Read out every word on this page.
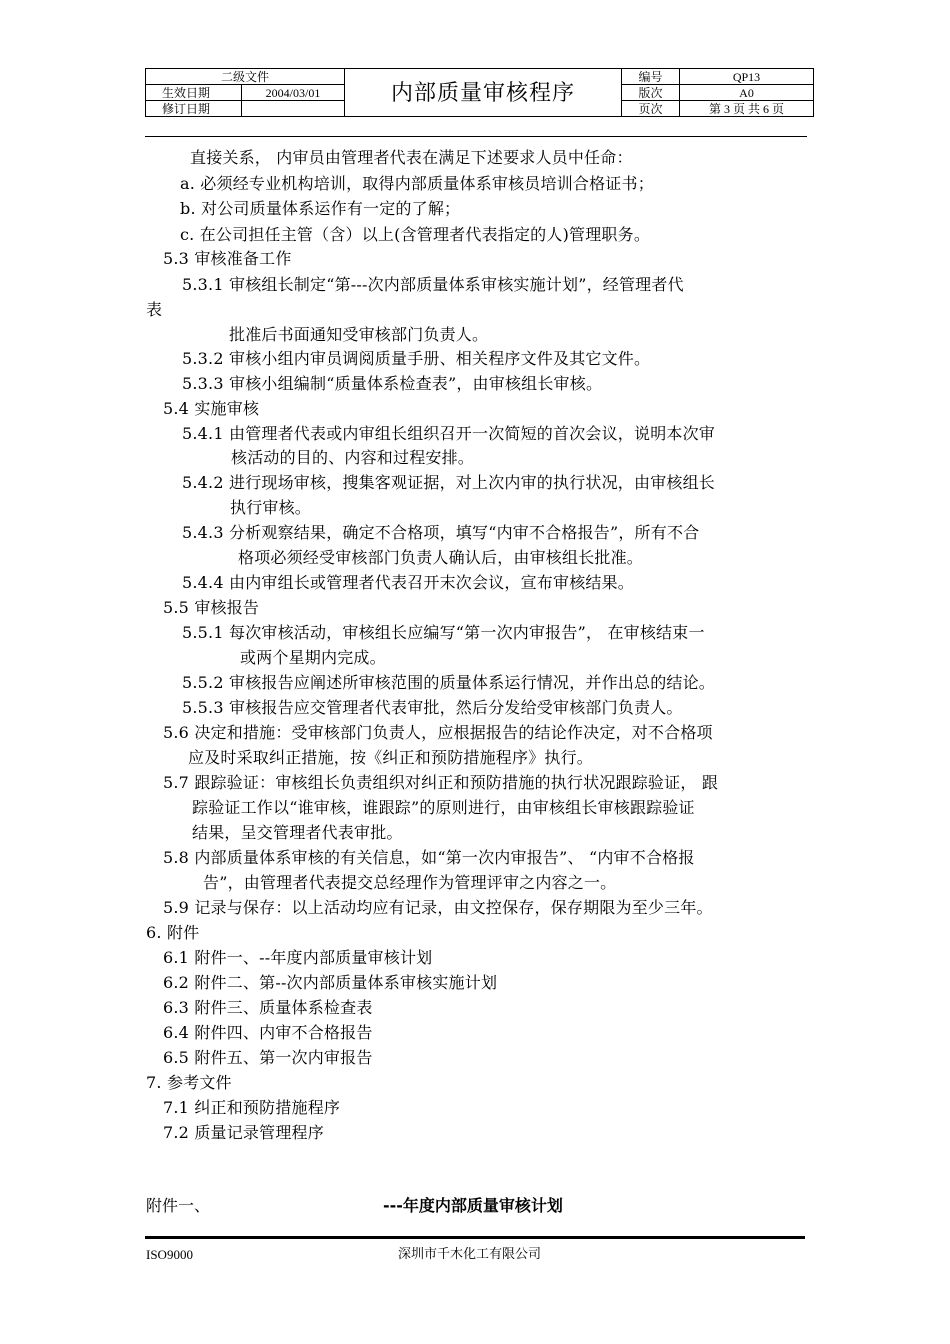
二级文件		内部质量审核程序	编号	QP13
生效日期	2004/03/01		版次	A0
修订日期			页次	第 3 页 共 6 页
直接关系， 内审员由管理者代表在满足下述要求人员中任命：
a. 必须经专业机构培训，取得内部质量体系审核员培训合格证书；
b. 对公司质量体系运作有一定的了解；
c. 在公司担任主管（含）以上(含管理者代表指定的人)管理职务。
5.3 审核准备工作
5.3.1 审核组长制定“第---次内部质量体系审核实施计划”，经管理者代
表
批准后书面通知受审核部门负责人。
5.3.2 审核小组内审员调阅质量手册、相关程序文件及其它文件。
5.3.3 审核小组编制“质量体系检查表”，由审核组长审核。
5.4 实施审核
5.4.1 由管理者代表或内审组长组织召开一次简短的首次会议，说明本次审
核活动的目的、内容和过程安排。
5.4.2 进行现场审核，搜集客观证据，对上次内审的执行状况，由审核组长
执行审核。
5.4.3 分析观察结果，确定不合格项，填写“内审不合格报告”，所有不合
格项必须经受审核部门负责人确认后，由审核组长批准。
5.4.4 由内审组长或管理者代表召开末次会议，宣布审核结果。
5.5 审核报告
5.5.1 每次审核活动，审核组长应编写“第一次内审报告”， 在审核结束一
或两个星期内完成。
5.5.2 审核报告应阐述所审核范围的质量体系运行情况，并作出总的结论。
5.5.3 审核报告应交管理者代表审批，然后分发给受审核部门负责人。
5.6 决定和措施：受审核部门负责人，应根据报告的结论作决定，对不合格项
应及时采取纠正措施，按《纠正和预防措施程序》执行。
5.7 跟踪验证：审核组长负责组织对纠正和预防措施的执行状况跟踪验证， 跟
踪验证工作以“谁审核，谁跟踪”的原则进行，由审核组长审核跟踪验证
结果，呈交管理者代表审批。
5.8 内部质量体系审核的有关信息，如“第一次内审报告”、 “内审不合格报
告”，由管理者代表提交总经理作为管理评审之内容之一。
5.9 记录与保存：以上活动均应有记录，由文控保存，保存期限为至少三年。
6. 附件
6.1 附件一、--年度内部质量审核计划
6.2 附件二、第--次内部质量体系审核实施计划
6.3 附件三、质量体系检查表
6.4 附件四、内审不合格报告
6.5 附件五、第一次内审报告
7. 参考文件
7.1 纠正和预防措施程序
7.2 质量记录管理程序
附件一、	---年度内部质量审核计划
ISO9000	深圳市千木化工有限公司
